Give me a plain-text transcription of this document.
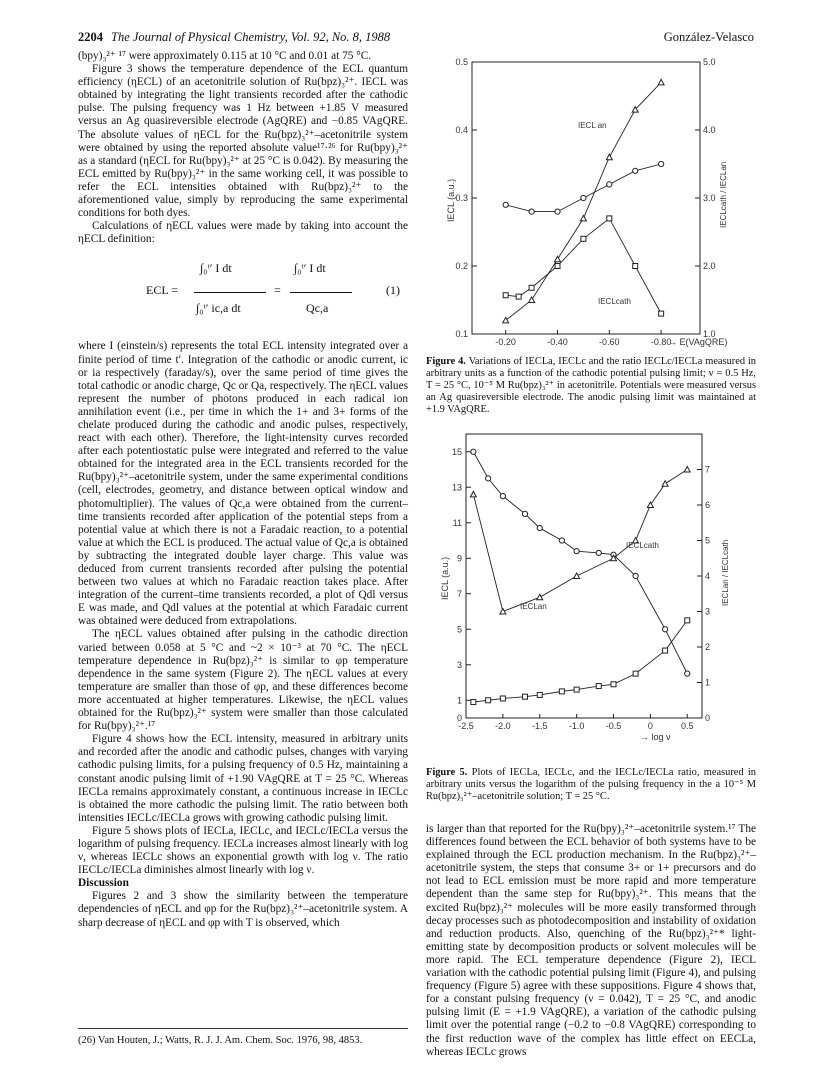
2204 The Journal of Physical Chemistry, Vol. 92, No. 8, 1988	González-Velasco

(bpy)₃²⁺ ¹⁷ were approximately 0.115 at 10 °C and 0.01 at 75 °C.

Figure 3 shows the temperature dependence of the ECL quantum efficiency (ηECL) of an acetonitrile solution of Ru(bpz)₃²⁺. IECL was obtained by integrating the light transients recorded after the cathodic pulse. The pulsing frequency was 1 Hz between +1.85 V measured versus an Ag quasireversible electrode (AgQRE) and −0.85 VAgQRE. The absolute values of ηECL for the Ru(bpz)₃²⁺–acetonitrile system were obtained by using the reported absolute value¹⁷·²⁶ for Ru(bpy)₃²⁺ as a standard (ηECL for Ru(bpy)₃²⁺ at 25 °C is 0.042). By measuring the ECL emitted by Ru(bpy)₃²⁺ in the same working cell, it was possible to refer the ECL intensities obtained with Ru(bpz)₃²⁺ to the aforementioned value, simply by reproducing the same experimental conditions for both dyes.

Calculations of ηECL values were made by taking into account the ηECL definition:

ECL =
∫₀ᵗ′ I dt
∫₀ᵗ′ ic,a dt
=
∫₀ᵗ′ I dt
Qc,a
(1)

where I (einstein/s) represents the total ECL intensity integrated over a finite period of time t′. Integration of the cathodic or anodic current, ic or ia respectively (faraday/s), over the same period of time gives the total cathodic or anodic charge, Qc or Qa, respectively. The ηECL values represent the number of photons produced in each radical ion annihilation event (i.e., per time in which the 1+ and 3+ forms of the chelate produced during the cathodic and anodic pulses, respectively, react with each other). Therefore, the light-intensity curves recorded after each potentiostatic pulse were integrated and referred to the value obtained for the integrated area in the ECL transients recorded for the Ru(bpy)₃²⁺–acetonitrile system, under the same experimental conditions (cell, electrodes, geometry, and distance between optical window and photomultiplier). The values of Qc,a were obtained from the current–time transients recorded after application of the potential steps from a potential value at which there is not a Faradaic reaction, to a potential value at which the ECL is produced. The actual value of Qc,a is obtained by subtracting the integrated double layer charge. This value was deduced from current transients recorded after pulsing the potential between two values at which no Faradaic reaction takes place. After integration of the current–time transients recorded, a plot of Qdl versus E was made, and Qdl values at the potential at which Faradaic current was obtained were deduced from extrapolations.

The ηECL values obtained after pulsing in the cathodic direction varied between 0.058 at 5 °C and ~2 × 10⁻³ at 70 °C. The ηECL temperature dependence in Ru(bpz)₃²⁺ is similar to φp temperature dependence in the same system (Figure 2). The ηECL values at every temperature are smaller than those of φp, and these differences become more accentuated at higher temperatures. Likewise, the ηECL values obtained for the Ru(bpz)₃²⁺ system were smaller than those calculated for Ru(bpy)₃²⁺.¹⁷

Figure 4 shows how the ECL intensity, measured in arbitrary units and recorded after the anodic and cathodic pulses, changes with varying cathodic pulsing limits, for a pulsing frequency of 0.5 Hz, maintaining a constant anodic pulsing limit of +1.90 VAgQRE at T = 25 °C. Whereas IECLa remains approximately constant, a continuous increase in IECLc is obtained the more cathodic the pulsing limit. The ratio between both intensities IECLc/IECLa grows with growing cathodic pulsing limit.

Figure 5 shows plots of IECLa, IECLc, and IECLc/IECLa versus the logarithm of pulsing frequency. IECLa increases almost linearly with log ν, whereas IECLc shows an exponential growth with log ν. The ratio IECLc/IECLa diminishes almost linearly with log ν.

Discussion

Figures 2 and 3 show the similarity between the temperature dependencies of ηECL and φp for the Ru(bpz)₃²⁺–acetonitrile system. A sharp decrease of ηECL and φp with T is observed, which

(26) Van Houten, J.; Watts, R. J. J. Am. Chem. Soc. 1976, 98, 4853.
0.1
0.2
0.3
0.4
0.5
1.0
2.0
3.0
4.0
5.0
-0.20	-0.40	-0.60	-0.80
→ E(VAgQRE)
IECL (a.u.)	IECLcath / IECLan
IECL an
IECLcath
Figure 4. Variations of IECLa, IECLc and the ratio IECLc/IECLa measured in arbitrary units as a function of the cathodic potential pulsing limit; ν = 0.5 Hz, T = 25 °C, 10⁻⁵ M Ru(bpz)₃²⁺ in acetonitrile. Potentials were measured versus an Ag quasireversible electrode. The anodic pulsing limit was maintained at +1.9 VAgQRE.
0
1
3
5
7
9
11
13
15
0
1
2
3
4
5
6
7
-2.5 -2.0 -1.5 -1.0 -0.5	0	0.5
→ log ν
IECL (a.u.)	IECLan / IECLcath
IECLcath
IECLan
Figure 5. Plots of IECLa, IECLc, and the IECLc/IECLa ratio, measured in arbitrary units versus the logarithm of the pulsing frequency in the a 10⁻⁵ M Ru(bpz)₃²⁺–acetonitrile solution; T = 25 °C.

is larger than that reported for the Ru(bpy)₃²⁺–acetonitrile system.¹⁷ The differences found between the ECL behavior of both systems have to be explained through the ECL production mechanism. In the Ru(bpz)₃²⁺–acetonitrile system, the steps that consume 3+ or 1+ precursors and do not lead to ECL emission must be more rapid and more temperature dependent than the same step for Ru(bpy)₃²⁺. This means that the excited Ru(bpz)₃²⁺ molecules will be more easily transformed through decay processes such as photodecomposition and instability of oxidation and reduction products. Also, quenching of the Ru(bpz)₃²⁺* light-emitting state by decomposition products or solvent molecules will be more rapid. The ECL temperature dependence (Figure 2), IECL variation with the cathodic potential pulsing limit (Figure 4), and pulsing frequency (Figure 5) agree with these suppositions. Figure 4 shows that, for a constant pulsing frequency (ν = 0.042), T = 25 °C, and anodic pulsing limit (E = +1.9 VAgQRE), a variation of the cathodic pulsing limit over the potential range (−0.2 to −0.8 VAgQRE) corresponding to the first reduction wave of the complex has little effect on EECLa, whereas IECLc grows
